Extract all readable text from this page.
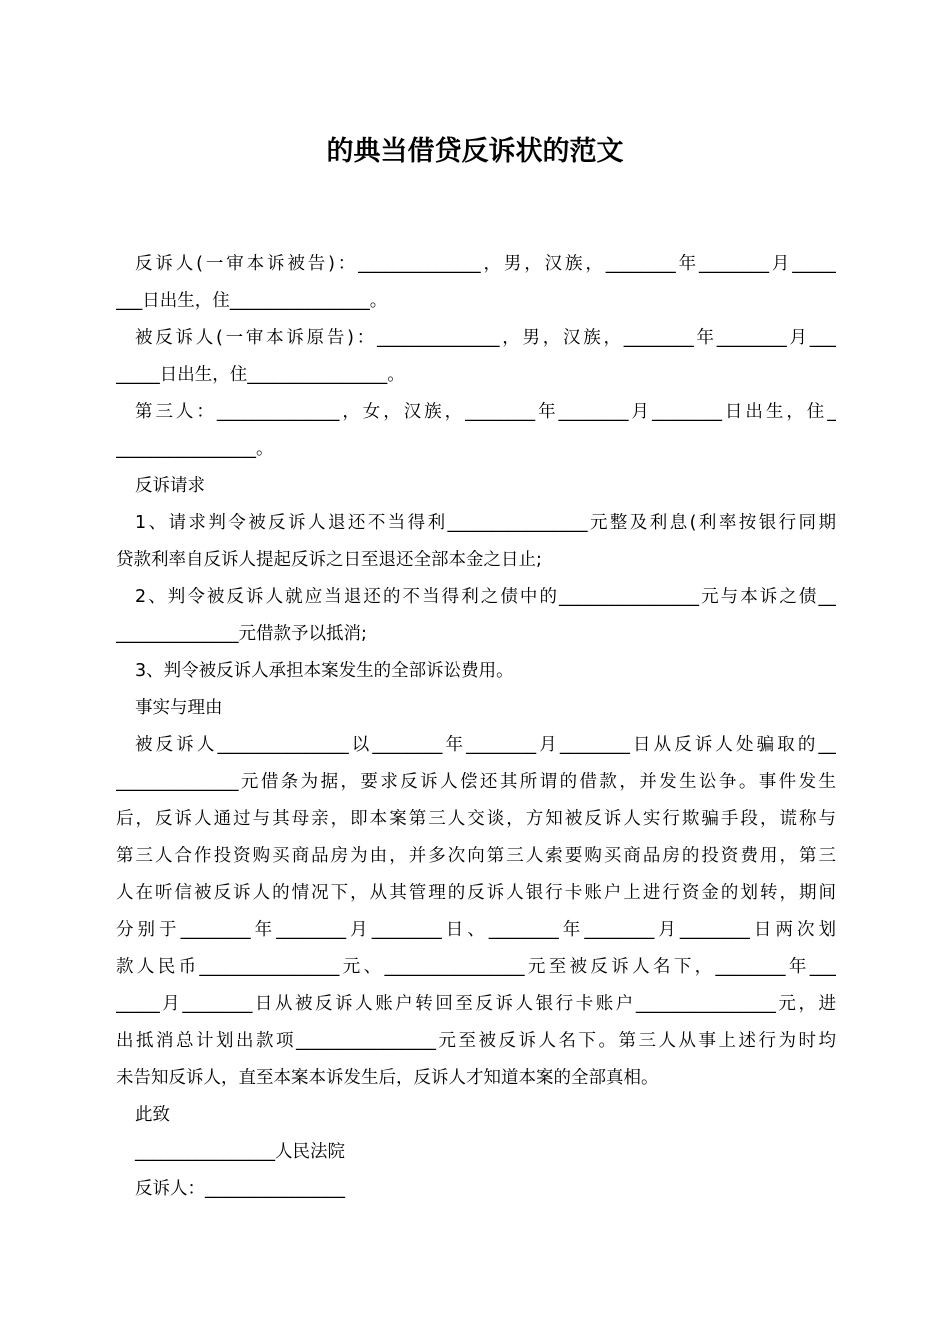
的典当借贷反诉状的范文
反诉人(一审本诉被告)：______________，男，汉族，________年________月_____
___日出生，住________________。
被反诉人(一审本诉原告)：______________，男，汉族，________年________月___
_____日出生，住________________。
第三人：______________，女，汉族，________年________月________日出生，住_
________________。
反诉请求
1、请求判令被反诉人退还不当得利________________元整及利息(利率按银行同期
贷款利率自反诉人提起反诉之日至退还全部本金之日止;
2、判令被反诉人就应当退还的不当得利之债中的________________元与本诉之债__
______________元借款予以抵消;
3、判令被反诉人承担本案发生的全部诉讼费用。
事实与理由
被反诉人_______________以________年________月________日从反诉人处骗取的__
______________元借条为据，要求反诉人偿还其所谓的借款，并发生讼争。事件发生
后，反诉人通过与其母亲，即本案第三人交谈，方知被反诉人实行欺骗手段，谎称与
第三人合作投资购买商品房为由，并多次向第三人索要购买商品房的投资费用，第三
人在听信被反诉人的情况下，从其管理的反诉人银行卡账户上进行资金的划转，期间
分别于________年________月________日、________年________月________日两次划
款人民币________________元、________________元至被反诉人名下，________年___
_____月________日从被反诉人账户转回至反诉人银行卡账户________________元，进
出抵消总计划出款项________________元至被反诉人名下。第三人从事上述行为时均
未告知反诉人，直至本案本诉发生后，反诉人才知道本案的全部真相。
此致
________________人民法院
反诉人：________________
